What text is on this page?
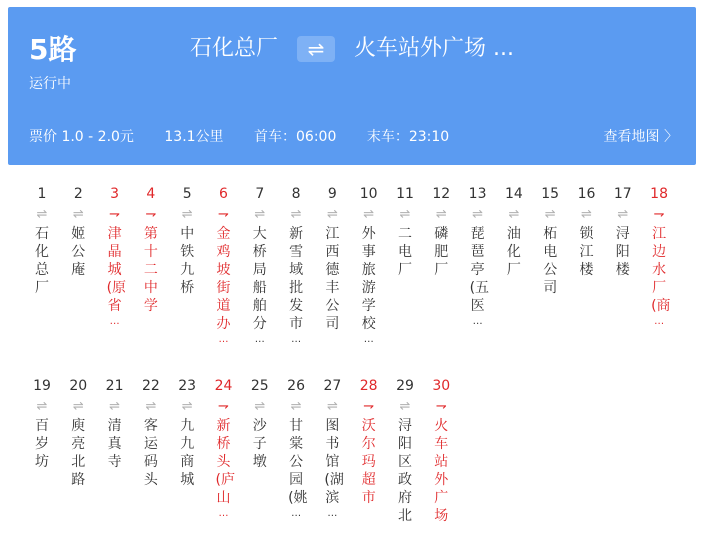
5路
运行中
石化总厂 ⇌ 火车站外广场 ...
票价 1.0 - 2.0元 13.1公里 首车：06:00 末车：23:10	查看地图 〉
1
⇌
石化总厂
2
⇌
姬公庵
3
⇁
津晶城(原省
…
4
⇁
第十二中学
5
⇌
中铁九桥
6
⇁
金鸡坡街道办
…
7
⇌
大桥局船舶分
…
8
⇌
新雪域批发市
…
9
⇌
江西德丰公司
10
⇌
外事旅游学校
…
11
⇌
二电厂
12
⇌
磷肥厂
13
⇌
琵琶亭(五医
…
14
⇌
油化厂
15
⇌
柘电公司
16
⇌
锁江楼
17
⇌
浔阳楼
18
⇁
江边水厂(商
…
19
⇌
百岁坊
20
⇌
庾亮北路
21
⇌
清真寺
22
⇌
客运码头
23
⇌
九九商城
24
⇁
新桥头(庐山
…
25
⇌
沙子墩
26
⇌
甘棠公园(姚
…
27
⇌
图书馆(湖滨
…
28
⇁
沃尔玛超市
29
⇌
浔阳区政府北
30
⇁
火车站外广场
